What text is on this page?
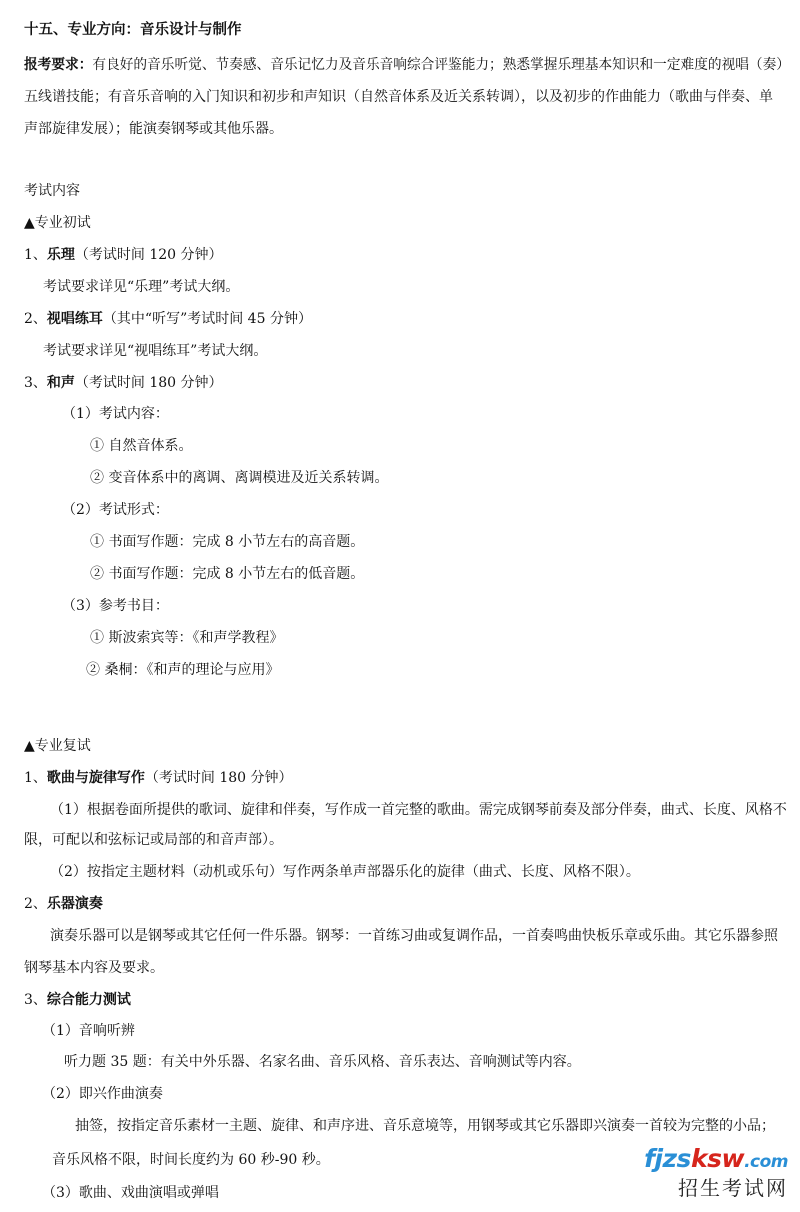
十五、专业方向：音乐设计与制作
报考要求：有良好的音乐听觉、节奏感、音乐记忆力及音乐音响综合评鉴能力；熟悉掌握乐理基本知识和一定难度的视唱（奏）
五线谱技能；有音乐音响的入门知识和初步和声知识（自然音体系及近关系转调），以及初步的作曲能力（歌曲与伴奏、单
声部旋律发展）；能演奏钢琴或其他乐器。
考试内容
▲专业初试
1、乐理（考试时间 120 分钟）
考试要求详见“乐理”考试大纲。
2、视唱练耳（其中“听写”考试时间 45 分钟）
考试要求详见“视唱练耳”考试大纲。
3、和声（考试时间 180 分钟）
（1）考试内容：
① 自然音体系。
② 变音体系中的离调、离调模进及近关系转调。
（2）考试形式：
① 书面写作题：完成 8 小节左右的高音题。
② 书面写作题：完成 8 小节左右的低音题。
（3）参考书目：
① 斯波索宾等：《和声学教程》
② 桑桐：《和声的理论与应用》
▲专业复试
1、歌曲与旋律写作（考试时间 180 分钟）
（1）根据卷面所提供的歌词、旋律和伴奏，写作成一首完整的歌曲。需完成钢琴前奏及部分伴奏，曲式、长度、风格不
限，可配以和弦标记或局部的和音声部）。
（2）按指定主题材料（动机或乐句）写作两条单声部器乐化的旋律（曲式、长度、风格不限）。
2、乐器演奏
演奏乐器可以是钢琴或其它任何一件乐器。钢琴：一首练习曲或复调作品，一首奏鸣曲快板乐章或乐曲。其它乐器参照
钢琴基本内容及要求。
3、综合能力测试
（1）音响听辨
听力题 35 题：有关中外乐器、名家名曲、音乐风格、音乐表达、音响测试等内容。
（2）即兴作曲演奏
抽签，按指定音乐素材一主题、旋律、和声序进、音乐意境等，用钢琴或其它乐器即兴演奏一首较为完整的小品；
音乐风格不限，时间长度约为 60 秒-90 秒。
（3）歌曲、戏曲演唱或弹唱
fjzsksw.com
招生考试网
